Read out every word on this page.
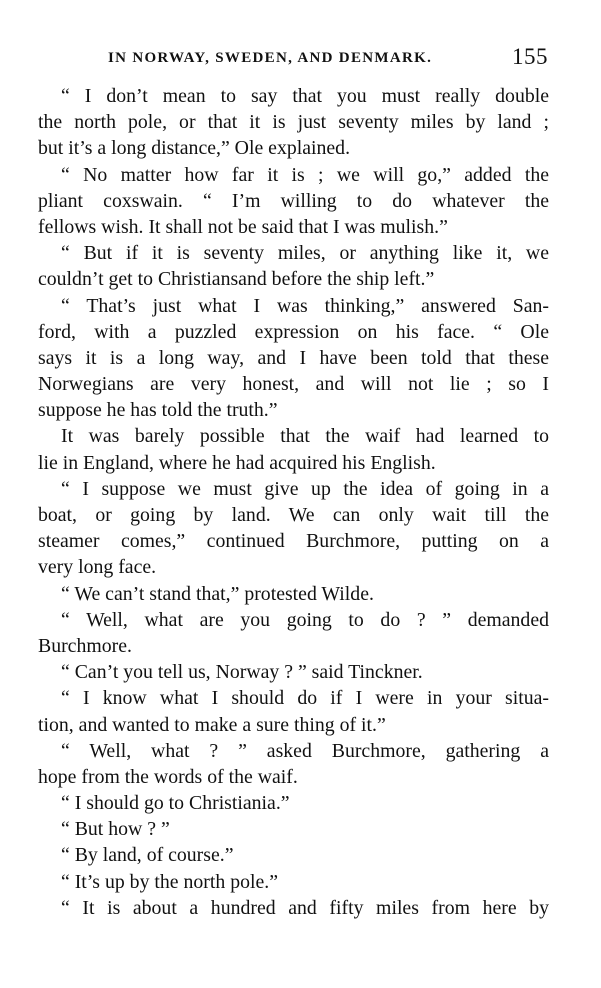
IN NORWAY, SWEDEN, AND DENMARK.	155
“ I don’t mean to say that you must really double
the north pole, or that it is just seventy miles by land ;
but it’s a long distance,” Ole explained.
“ No matter how far it is ; we will go,” added the
pliant coxswain. “ I’m willing to do whatever the
fellows wish. It shall not be said that I was mulish.”
“ But if it is seventy miles, or anything like it, we
couldn’t get to Christiansand before the ship left.”
“ That’s just what I was thinking,” answered San-
ford, with a puzzled expression on his face. “ Ole
says it is a long way, and I have been told that these
Norwegians are very honest, and will not lie ; so I
suppose he has told the truth.”
It was barely possible that the waif had learned to
lie in England, where he had acquired his English.
“ I suppose we must give up the idea of going in a
boat, or going by land. We can only wait till the
steamer comes,” continued Burchmore, putting on a
very long face.
“ We can’t stand that,” protested Wilde.
“ Well, what are you going to do ? ” demanded
Burchmore.
“ Can’t you tell us, Norway ? ” said Tinckner.
“ I know what I should do if I were in your situa-
tion, and wanted to make a sure thing of it.”
“ Well, what ? ” asked Burchmore, gathering a
hope from the words of the waif.
“ I should go to Christiania.”
“ But how ? ”
“ By land, of course.”
“ It’s up by the north pole.”
“ It is about a hundred and fifty miles from here by
